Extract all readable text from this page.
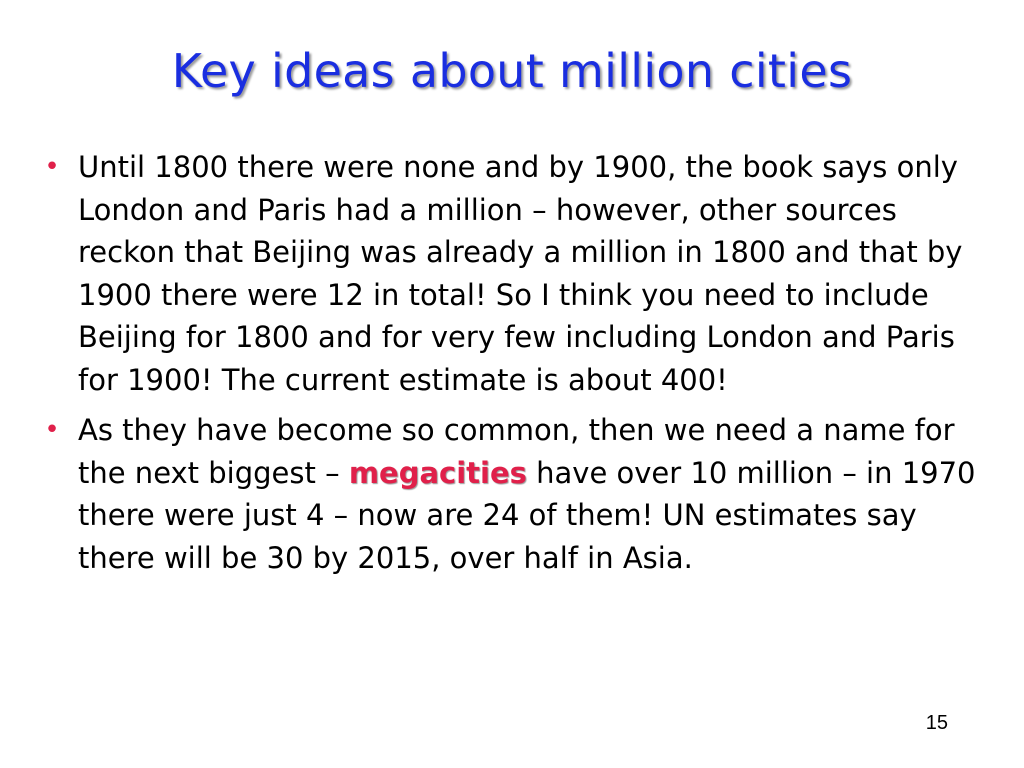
Key ideas about million cities
• Until 1800 there were none and by 1900, the book says only London and Paris had a million – however, other sources reckon that Beijing was already a million in 1800 and that by 1900 there were 12 in total! So I think you need to include Beijing for 1800 and for very few including London and Paris for 1900! The current estimate is about 400!
• As they have become so common, then we need a name for the next biggest – megacities have over 10 million – in 1970 there were just 4 – now are 24 of them! UN estimates say there will be 30 by 2015, over half in Asia.
15
